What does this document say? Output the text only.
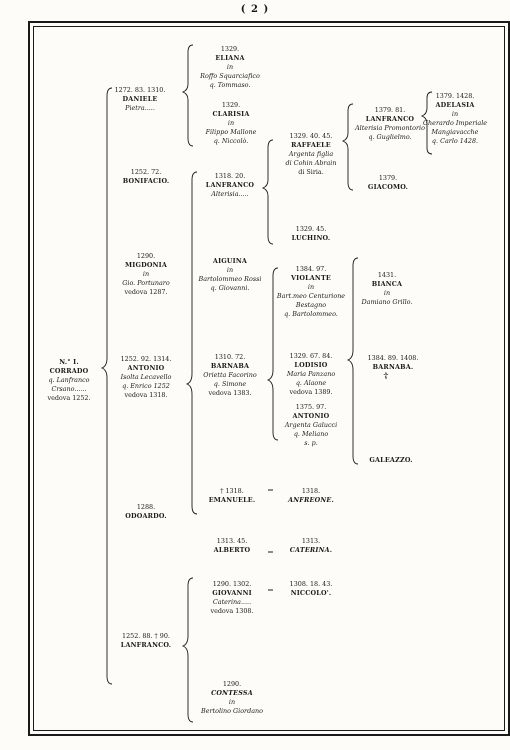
( 2 )
☦
1329.
ELIANA
in
Roffo Squarciafico
q. Tommaso.
1272. 83. 1310.
DANIELE
Pietra.....	1329.
CLARISIA
in
Filippo Mallone
q. Niccolò.
1379. 81.
LANFRANCO
Alterisia Promontorio
q. Guglielmo.
1379. 1428.
ADELASIA
in
Gherardo Imperiale
Mangiavacche
q. Carlo 1428.
1329. 40. 45.
RAFFAELE
Argenta figlia
di Cohin Abrain
di Siria.
1379.
GIACOMO.
1252. 72.
BONIFACIO.
1318. 20.
LANFRANCO
Alterisia.....
1329. 45.
LUCHINO.
1290.
MIGDONIA
in
Gio. Portunaro
vedova 1287.
AIGUINA
in
Bartolommeo Rossi
q. Giovanni.
1384. 97.
VIOLANTE
in
Bart.meo Centurione
Bestagno
q. Bartolommeo.
1431.
BIANCA
in
Damiano Grillo.
N.° I.
CORRADO
q. Lanfranco
Crsano......
vedova 1252.
1252. 92. 1314.
ANTONIO
Isolta Lecavello
q. Enrico 1252
vedova 1318.
1310. 72.
BARNABA
Orietta Facorino
q. Simone
vedova 1383.
1329. 67. 84.
LODISIO
Maria Panzano
q. Alaone
vedova 1389.
1384. 89. 1408.
BARNABA.
1375. 97.
ANTONIO
Argenta Galucci
q. Meliano
s. p.
GALEAZZO.
1288.
ODOARDO.
† 1318.
EMANUELE.
1318.
ANFREONE.
1313. 45.
ALBERTO
1313.
CATERINA.
1290. 1302.
GIOVANNI
Caterina.....
vedova 1308.
1308. 18. 43.
NICCOLO'.
1252. 88. † 90.
LANFRANCO.
1290.
CONTESSA
in
Bertolino Giordano
